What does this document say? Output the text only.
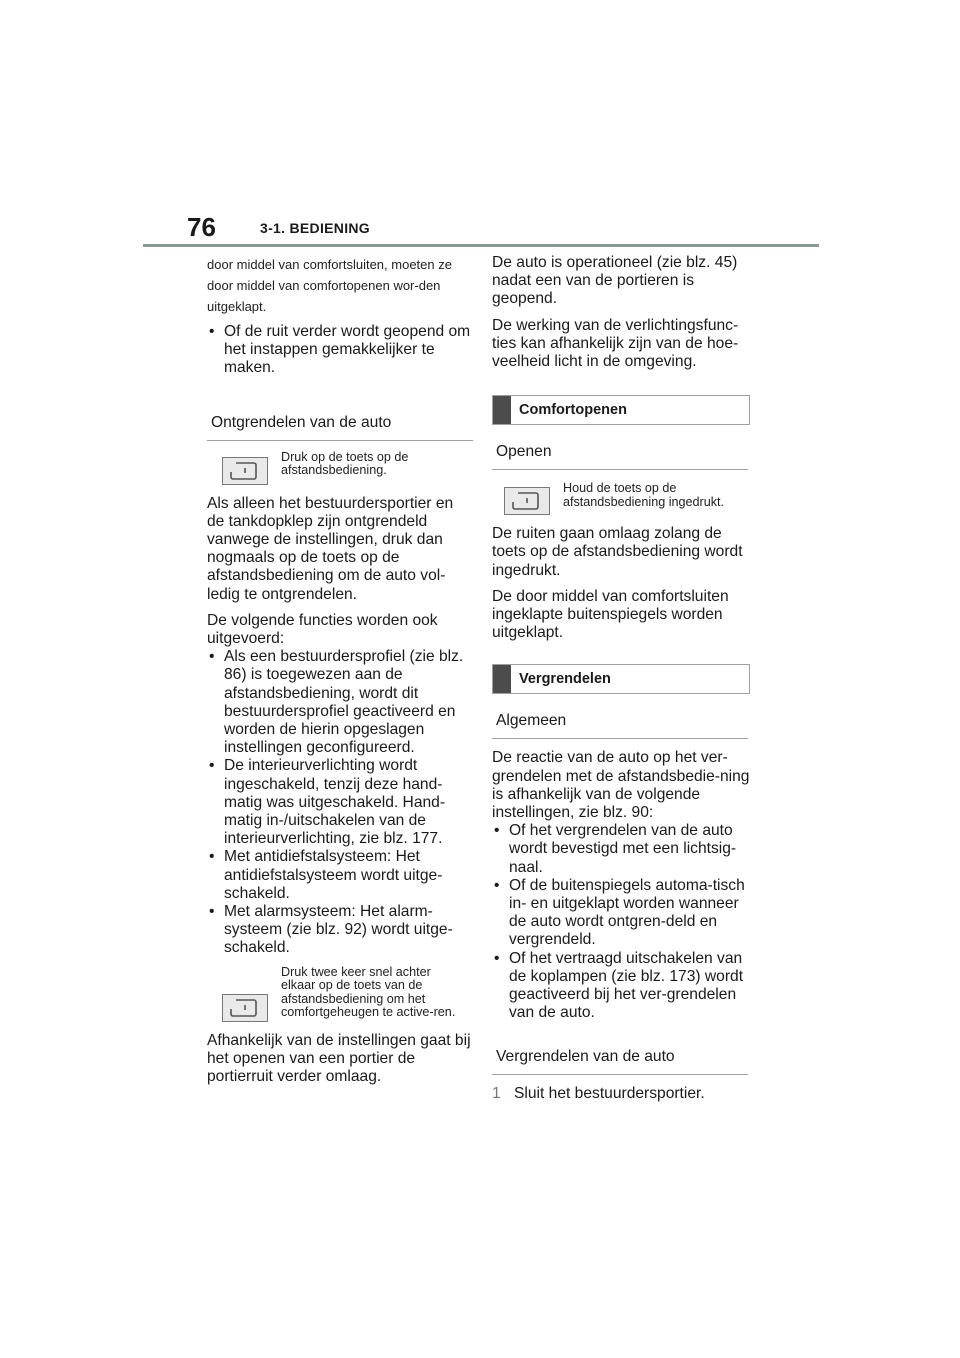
76	3-1. BEDIENING

door middel van comfortsluiten, moeten ze door middel van comfortopenen wor-den uitgeklapt.

• Of de ruit verder wordt geopend om het instappen gemakkelijker te maken.
Ontgrendelen van de auto
Druk op de toets op de afstandsbediening.

Als alleen het bestuurdersportier en de tankdopklep zijn ontgrendeld vanwege de instellingen, druk dan nogmaals op de toets op de afstandsbediening om de auto vol-ledig te ontgrendelen.

De volgende functies worden ook uitgevoerd:

• Als een bestuurdersprofiel (zie blz. 86) is toegewezen aan de afstandsbediening, wordt dit bestuurdersprofiel geactiveerd en worden de hierin opgeslagen instellingen geconfigureerd.
• De interieurverlichting wordt ingeschakeld, tenzij deze hand-matig was uitgeschakeld. Hand-matig in-/uitschakelen van de interieurverlichting, zie blz. 177.
• Met antidiefstalsysteem: Het antidiefstalsysteem wordt uitge-schakeld.
• Met alarmsysteem: Het alarm-systeem (zie blz. 92) wordt uitge-schakeld.
Druk twee keer snel achter elkaar op de toets van de afstandsbediening om het comfortgeheugen te active-ren.

Afhankelijk van de instellingen gaat bij het openen van een portier de portierruit verder omlaag.

De auto is operationeel (zie blz. 45) nadat een van de portieren is geopend.

De werking van de verlichtingsfunc-ties kan afhankelijk zijn van de hoe-veelheid licht in de omgeving.

Comfortopenen
Openen
Houd de toets op de afstandsbediening ingedrukt.

De ruiten gaan omlaag zolang de toets op de afstandsbediening wordt ingedrukt.

De door middel van comfortsluiten ingeklapte buitenspiegels worden uitgeklapt.

Vergrendelen
Algemeen

De reactie van de auto op het ver-grendelen met de afstandsbedie-ning is afhankelijk van de volgende instellingen, zie blz. 90:

• Of het vergrendelen van de auto wordt bevestigd met een lichtsig-naal.
• Of de buitenspiegels automa-tisch in- en uitgeklapt worden wanneer de auto wordt ontgren-deld en vergrendeld.
• Of het vertraagd uitschakelen van de koplampen (zie blz. 173) wordt geactiveerd bij het ver-grendelen van de auto.
Vergrendelen van de auto
1 Sluit het bestuurdersportier.
